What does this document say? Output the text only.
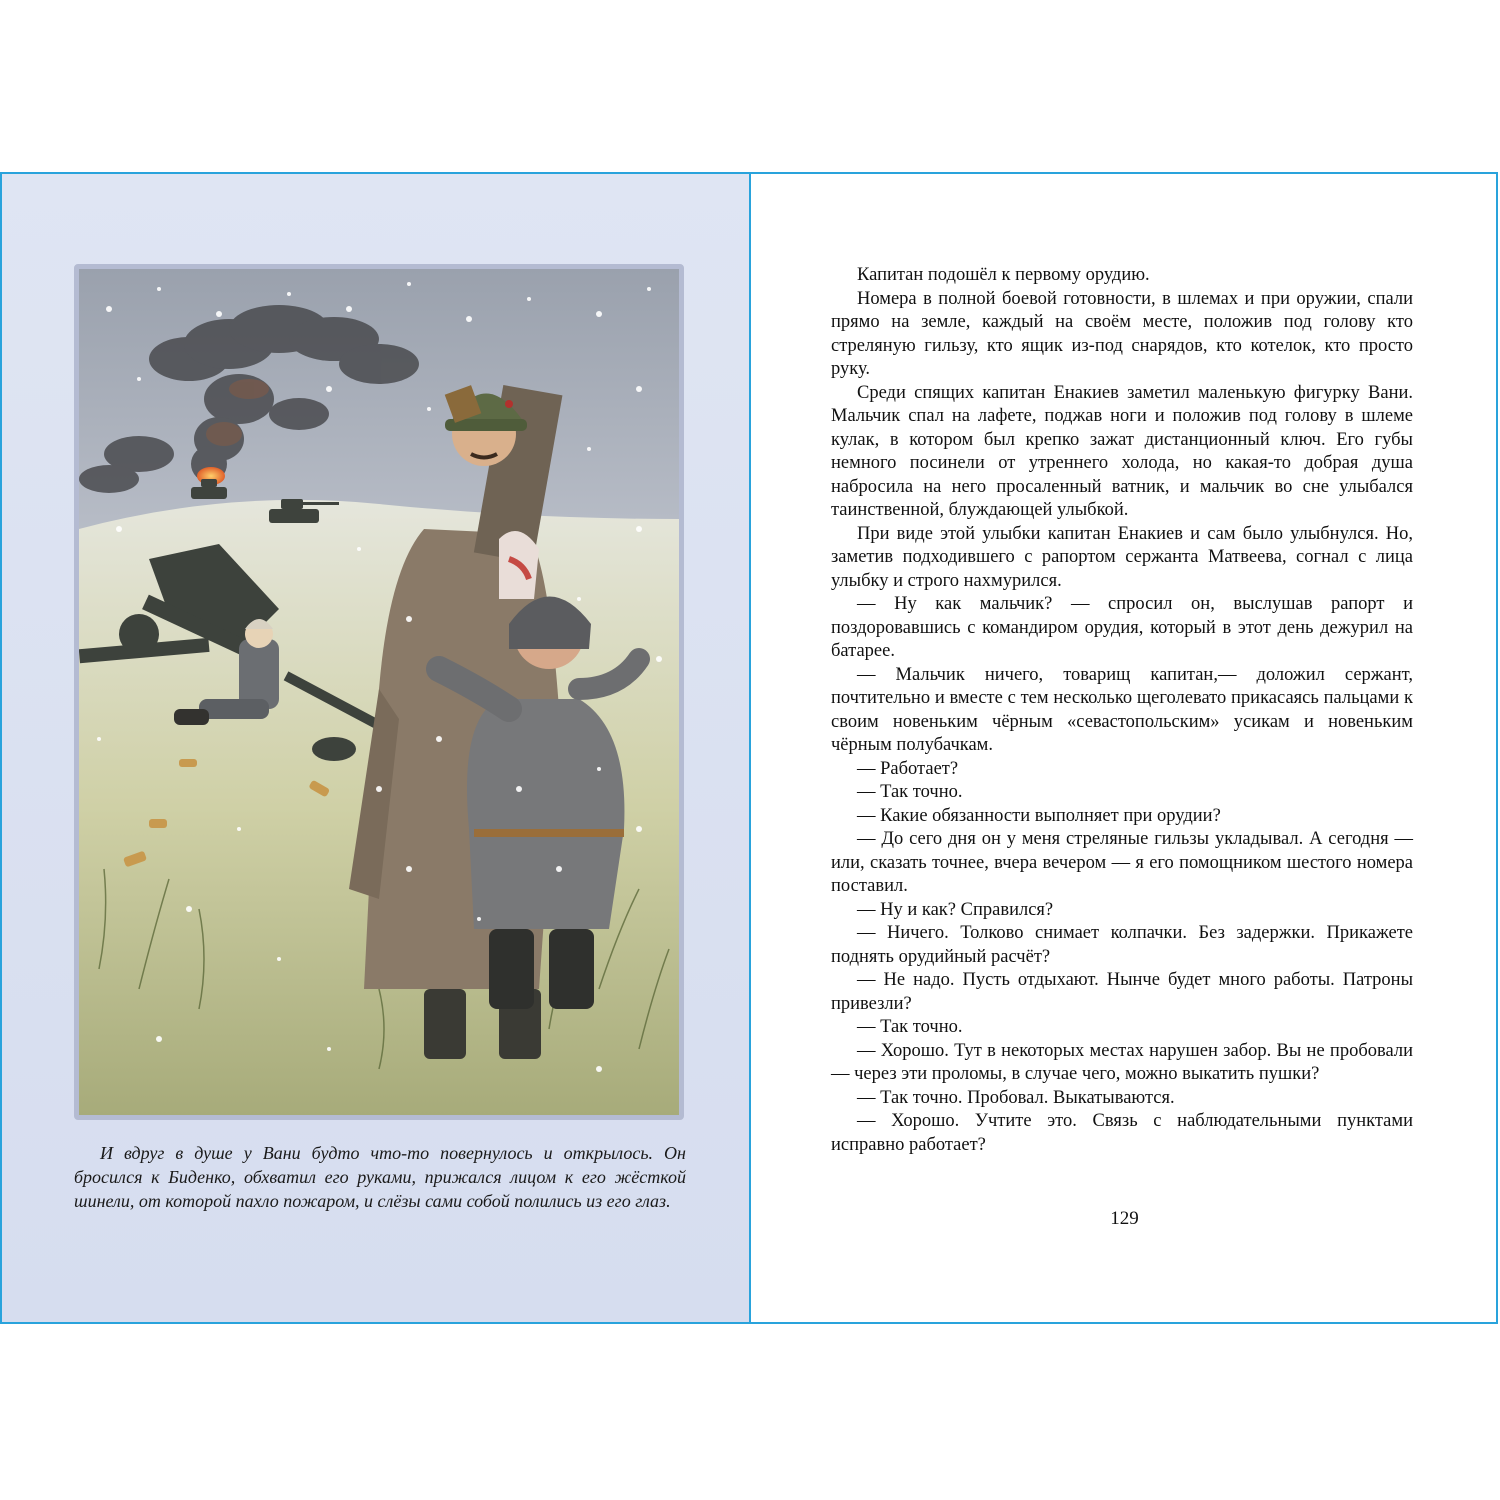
И вдруг в душе у Вани будто что-то повернулось и открылось. Он бросился к Биденко, обхватил его руками, прижался лицом к его жёсткой шинели, от которой пахло пожаром, и слёзы сами собой полились из его глаз.

Капитан подошёл к первому орудию.

Номера в полной боевой готовности, в шлемах и при оружии, спали прямо на земле, каждый на своём месте, положив под голову кто стреляную гильзу, кто ящик из-под снарядов, кто котелок, кто просто руку.

Среди спящих капитан Енакиев заметил маленькую фигурку Вани. Мальчик спал на лафете, поджав ноги и положив под голову в шлеме кулак, в котором был крепко зажат дистанционный ключ. Его губы немного посинели от утреннего холода, но какая-то добрая душа набросила на него просаленный ватник, и мальчик во сне улыбался таинственной, блуждающей улыбкой.

При виде этой улыбки капитан Енакиев и сам было улыбнулся. Но, заметив подходившего с рапортом сержанта Матвеева, согнал с лица улыбку и строго нахмурился.

— Ну как мальчик? — спросил он, выслушав рапорт и поздоровавшись с командиром орудия, который в этот день дежурил на батарее.

— Мальчик ничего, товарищ капитан,— доложил сержант, почтительно и вместе с тем несколько щеголевато прикасаясь пальцами к своим новеньким чёрным «севастопольским» усикам и новеньким чёрным полубачкам.

— Работает?

— Так точно.

— Какие обязанности выполняет при орудии?

— До сего дня он у меня стреляные гильзы укладывал. А сегодня — или, сказать точнее, вчера вечером — я его помощником шестого номера поставил.

— Ну и как? Справился?

— Ничего. Толково снимает колпачки. Без задержки. Прикажете поднять орудийный расчёт?

— Не надо. Пусть отдыхают. Нынче будет много работы. Патроны привезли?

— Так точно.

— Хорошо. Тут в некоторых местах нарушен забор. Вы не пробовали — через эти проломы, в случае чего, можно выкатить пушки?

— Так точно. Пробовал. Выкатываются.

— Хорошо. Учтите это. Связь с наблюдательными пунктами исправно работает?

129
